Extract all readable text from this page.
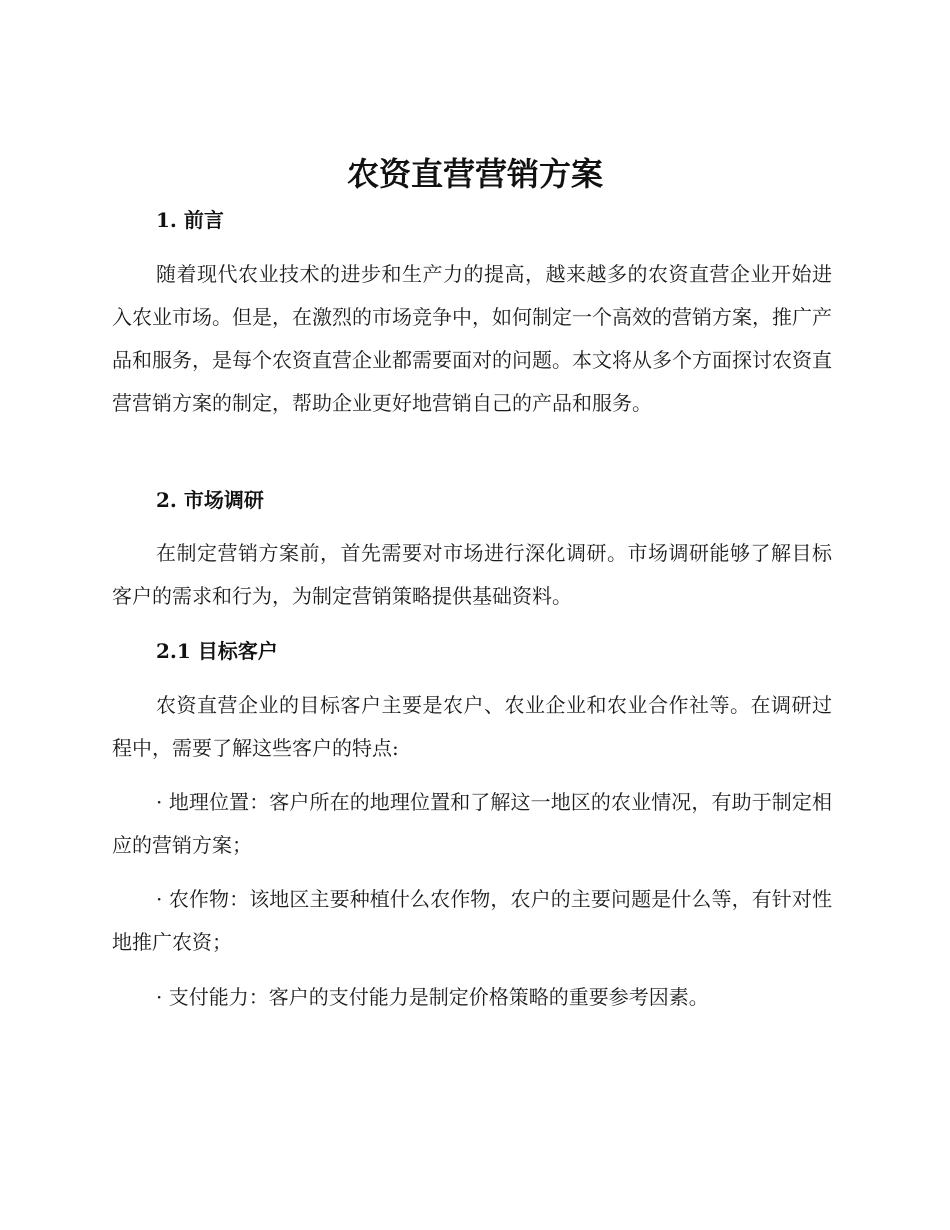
农资直营营销方案
1. 前言

随着现代农业技术的进步和生产力的提高，越来越多的农资直营企业开始进入农业市场。但是，在激烈的市场竞争中，如何制定一个高效的营销方案，推广产品和服务，是每个农资直营企业都需要面对的问题。本文将从多个方面探讨农资直营营销方案的制定，帮助企业更好地营销自己的产品和服务。

2. 市场调研

在制定营销方案前，首先需要对市场进行深化调研。市场调研能够了解目标客户的需求和行为，为制定营销策略提供基础资料。

2.1 目标客户

农资直营企业的目标客户主要是农户、农业企业和农业合作社等。在调研过程中，需要了解这些客户的特点:

· 地理位置：客户所在的地理位置和了解这一地区的农业情况，有助于制定相应的营销方案；

· 农作物：该地区主要种植什么农作物，农户的主要问题是什么等，有针对性地推广农资；

· 支付能力：客户的支付能力是制定价格策略的重要参考因素。
